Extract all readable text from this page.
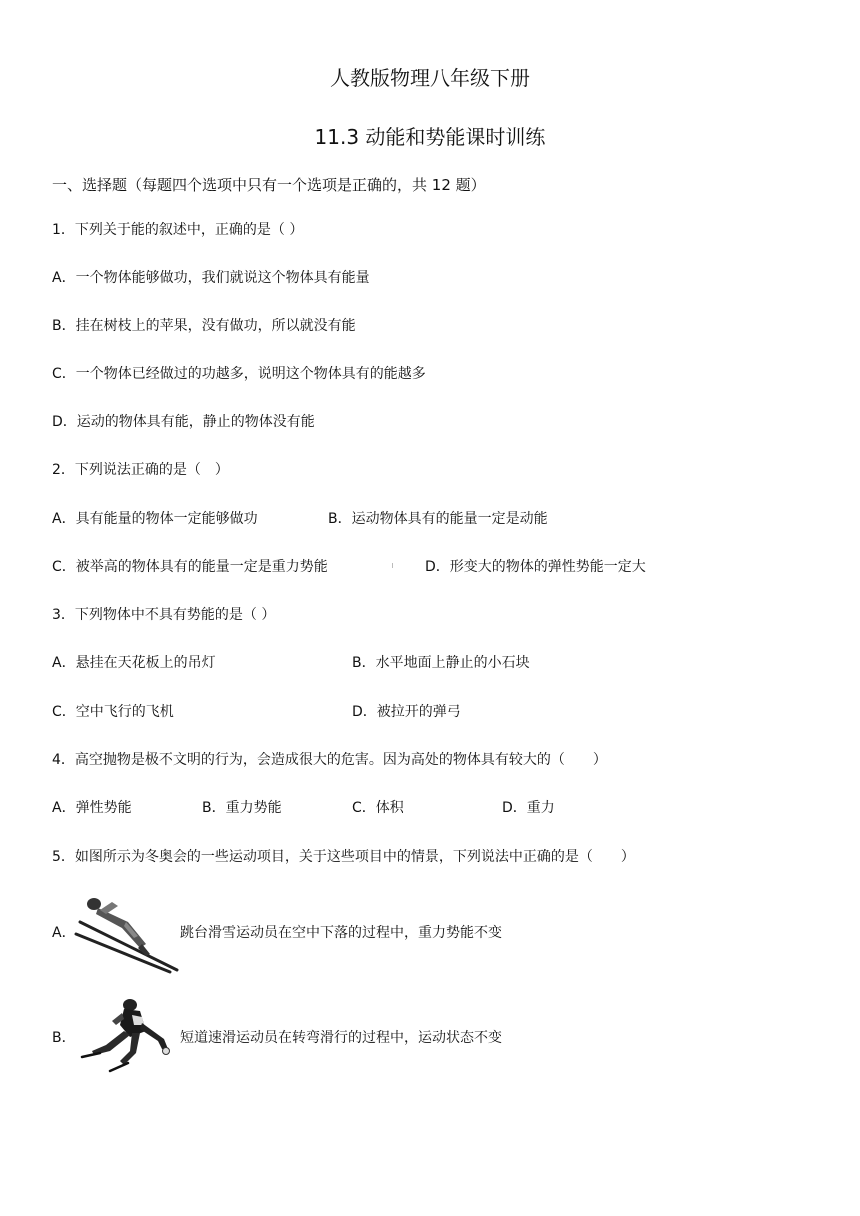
人教版物理八年级下册
11.3 动能和势能课时训练
一、选择题（每题四个选项中只有一个选项是正确的，共 12 题）
1．下列关于能的叙述中，正确的是（ ）
A．一个物体能够做功，我们就说这个物体具有能量
B．挂在树枝上的苹果，没有做功，所以就没有能
C．一个物体已经做过的功越多，说明这个物体具有的能越多
D．运动的物体具有能，静止的物体没有能
2．下列说法正确的是（　）
A．具有能量的物体一定能够做功	B．运动物体具有的能量一定是动能
C．被举高的物体具有的能量一定是重力势能	D．形变大的物体的弹性势能一定大
3．下列物体中不具有势能的是（ ）
A．悬挂在天花板上的吊灯	B．水平地面上静止的小石块
C．空中飞行的飞机	D．被拉开的弹弓
4．高空抛物是极不文明的行为，会造成很大的危害。因为高处的物体具有较大的（　　）
A．弹性势能	B．重力势能	C．体积	D．重力
5．如图所示为冬奥会的一些运动项目，关于这些项目中的情景，下列说法中正确的是（　　）
A．	跳台滑雪运动员在空中下落的过程中，重力势能不变
B．	短道速滑运动员在转弯滑行的过程中，运动状态不变
